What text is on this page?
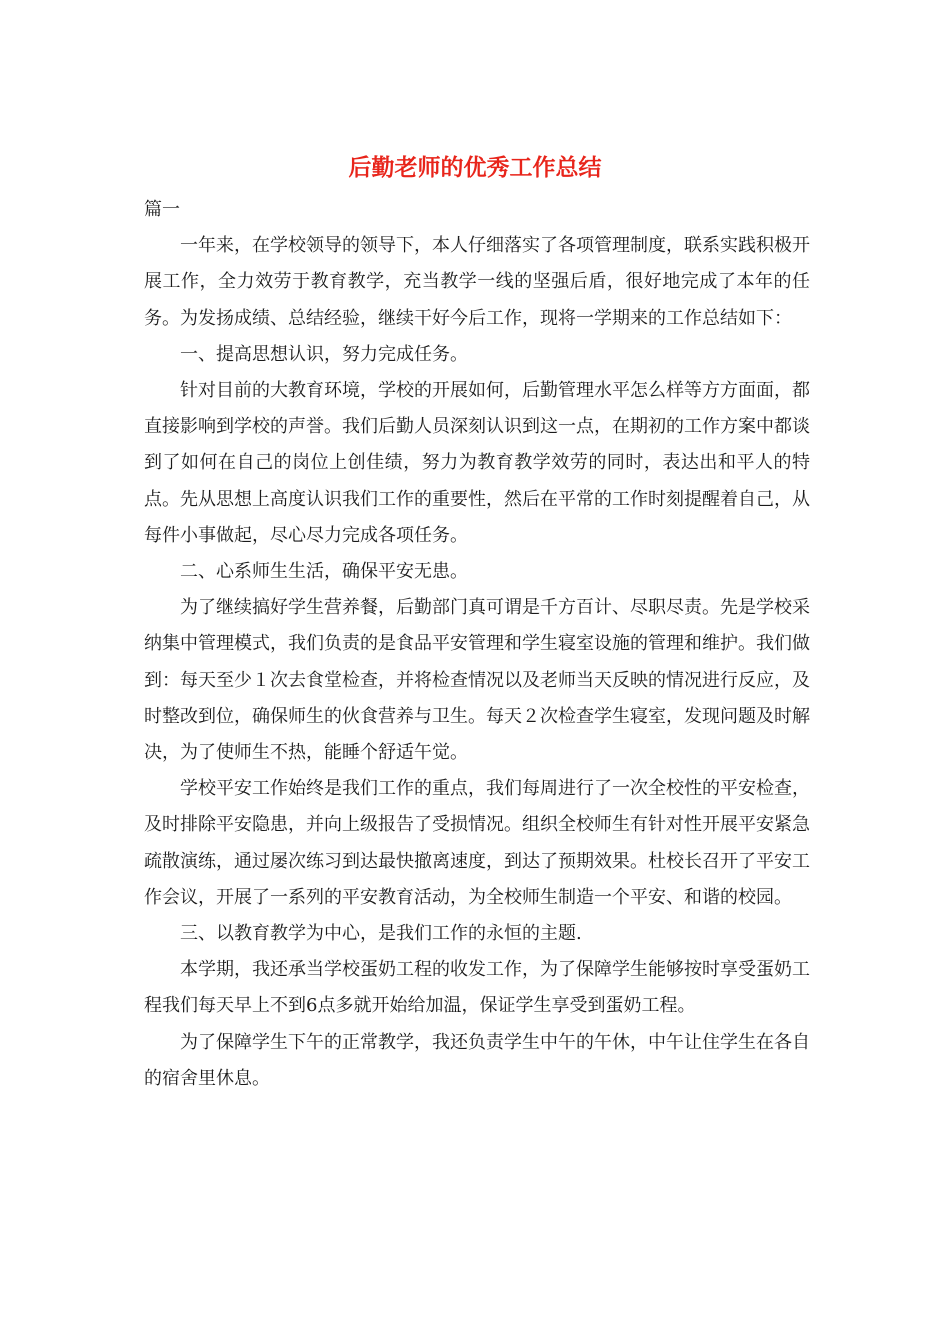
后勤老师的优秀工作总结

篇一

一年来，在学校领导的领导下，本人仔细落实了各项管理制度，联系实践积极开展工作，全力效劳于教育教学，充当教学一线的坚强后盾，很好地完成了本年的任务。为发扬成绩、总结经验，继续干好今后工作，现将一学期来的工作总结如下：

一、提高思想认识，努力完成任务。

针对目前的大教育环境，学校的开展如何，后勤管理水平怎么样等方方面面，都直接影响到学校的声誉。我们后勤人员深刻认识到这一点，在期初的工作方案中都谈到了如何在自己的岗位上创佳绩，努力为教育教学效劳的同时，表达出和平人的特点。先从思想上高度认识我们工作的重要性，然后在平常的工作时刻提醒着自己，从每件小事做起，尽心尽力完成各项任务。

二、心系师生生活，确保平安无患。

为了继续搞好学生营养餐，后勤部门真可谓是千方百计、尽职尽责。先是学校采纳集中管理模式，我们负责的是食品平安管理和学生寝室设施的管理和维护。我们做到：每天至少１次去食堂检查，并将检查情况以及老师当天反映的情况进行反应，及时整改到位，确保师生的伙食营养与卫生。每天２次检查学生寝室，发现问题及时解决，为了使师生不热，能睡个舒适午觉。

学校平安工作始终是我们工作的重点，我们每周进行了一次全校性的平安检查，及时排除平安隐患，并向上级报告了受损情况。组织全校师生有针对性开展平安紧急疏散演练，通过屡次练习到达最快撤离速度，到达了预期效果。杜校长召开了平安工作会议，开展了一系列的平安教育活动，为全校师生制造一个平安、和谐的校园。

三、以教育教学为中心，是我们工作的永恒的主题.

本学期，我还承当学校蛋奶工程的收发工作，为了保障学生能够按时享受蛋奶工程我们每天早上不到6点多就开始给加温，保证学生享受到蛋奶工程。

为了保障学生下午的正常教学，我还负责学生中午的午休，中午让住学生在各自的宿舍里休息。
